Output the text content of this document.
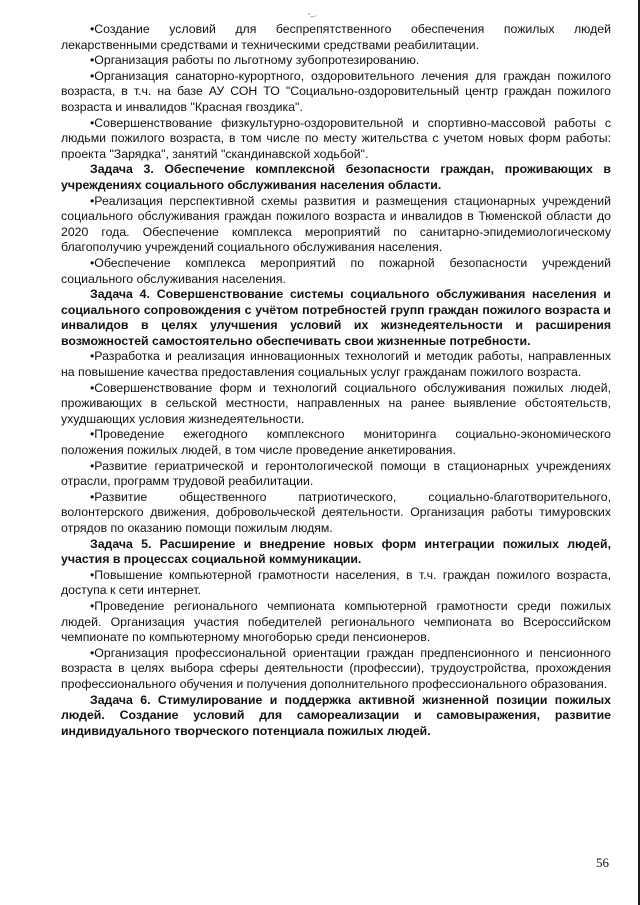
'–·

•Создание условий для беспрепятственного обеспечения пожилых людей лекарственными средствами и техническими средствами реабилитации.

•Организация работы по льготному зубопротезированию.

•Организация санаторно-курортного, оздоровительного лечения для граждан пожилого возраста, в т.ч. на базе АУ СОН ТО "Социально-оздоровительный центр граждан пожилого возраста и инвалидов "Красная гвоздика".

•Совершенствование физкультурно-оздоровительной и спортивно-массовой работы с людьми пожилого возраста, в том числе по месту жительства с учетом новых форм работы: проекта "Зарядка", занятий "скандинавской ходьбой".

Задача 3. Обеспечение комплексной безопасности граждан, проживающих в учреждениях социального обслуживания населения области.

•Реализация перспективной схемы развития и размещения стационарных учреждений социального обслуживания граждан пожилого возраста и инвалидов в Тюменской области до 2020 года. Обеспечение комплекса мероприятий по санитарно-эпидемиологическому благополучию учреждений социального обслуживания населения.

•Обеспечение комплекса мероприятий по пожарной безопасности учреждений социального обслуживания населения.

Задача 4. Совершенствование системы социального обслуживания населения и социального сопровождения с учётом потребностей групп граждан пожилого возраста и инвалидов в целях улучшения условий их жизнедеятельности и расширения возможностей самостоятельно обеспечивать свои жизненные потребности.

•Разработка и реализация инновационных технологий и методик работы, направленных на повышение качества предоставления социальных услуг гражданам пожилого возраста.

•Совершенствование форм и технологий социального обслуживания пожилых людей, проживающих в сельской местности, направленных на ранее выявление обстоятельств, ухудшающих условия жизнедеятельности.

•Проведение ежегодного комплексного мониторинга социально-экономического положения пожилых людей, в том числе проведение анкетирования.

•Развитие гериатрической и геронтологической помощи в стационарных учреждениях отрасли, программ трудовой реабилитации.

•Развитие общественного патриотического, социально-благотворительного, волонтерского движения, добровольческой деятельности. Организация работы тимуровских отрядов по оказанию помощи пожилым людям.

Задача 5. Расширение и внедрение новых форм интеграции пожилых людей, участия в процессах социальной коммуникации.

•Повышение компьютерной грамотности населения, в т.ч. граждан пожилого возраста, доступа к сети интернет.

•Проведение регионального чемпионата компьютерной грамотности среди пожилых людей. Организация участия победителей регионального чемпионата во Всероссийском чемпионате по компьютерному многоборью среди пенсионеров.

•Организация профессиональной ориентации граждан предпенсионного и пенсионного возраста в целях выбора сферы деятельности (профессии), трудоустройства, прохождения профессионального обучения и получения дополнительного профессионального образования.

Задача 6. Стимулирование и поддержка активной жизненной позиции пожилых людей. Создание условий для самореализации и самовыражения, развитие индивидуального творческого потенциала пожилых людей.

56
